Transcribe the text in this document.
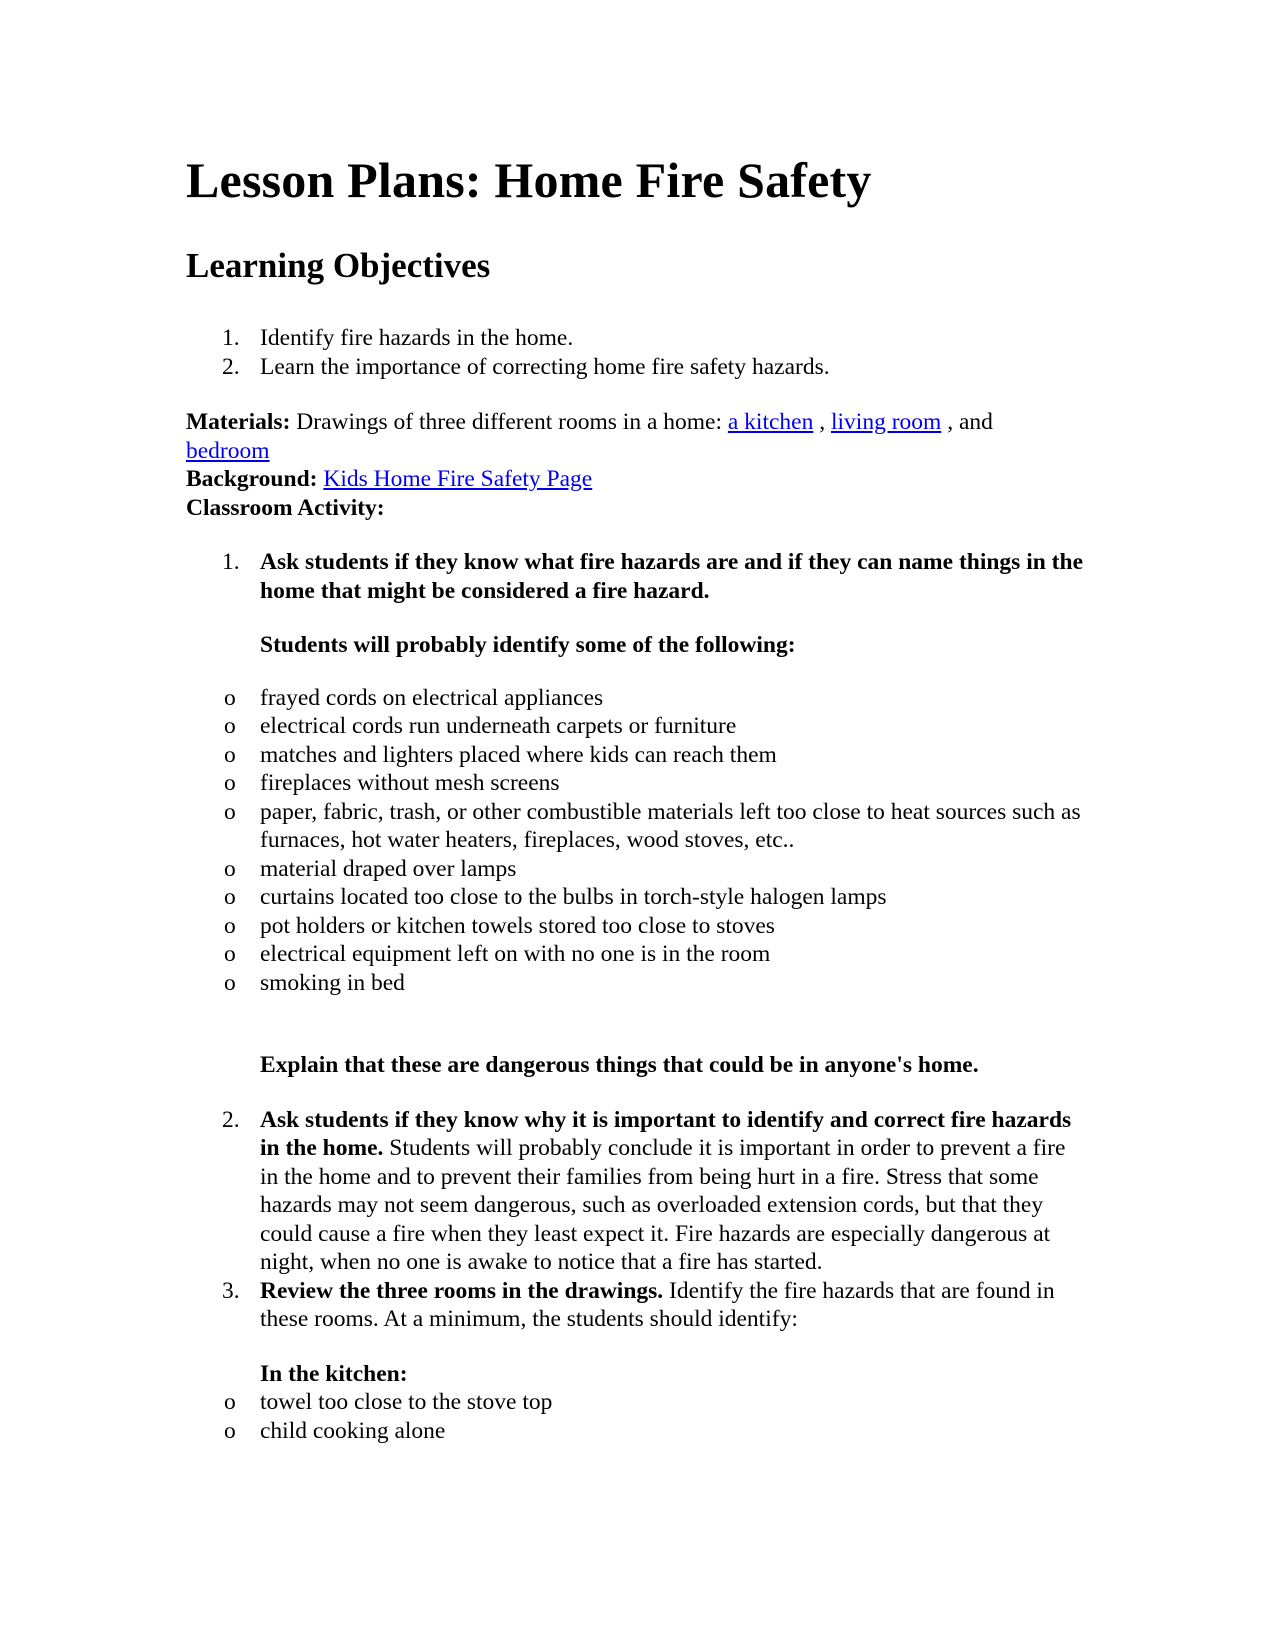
Lesson Plans: Home Fire Safety
Learning Objectives
1. Identify fire hazards in the home.
2. Learn the importance of correcting home fire safety hazards.
Materials: Drawings of three different rooms in a home: a kitchen , living room , and
bedroom
Background: Kids Home Fire Safety Page
Classroom Activity:
1. Ask students if they know what fire hazards are and if they can name things in the home that might be considered a fire hazard.
Students will probably identify some of the following:
o frayed cords on electrical appliances
o electrical cords run underneath carpets or furniture
o matches and lighters placed where kids can reach them
o fireplaces without mesh screens
o paper, fabric, trash, or other combustible materials left too close to heat sources such as furnaces, hot water heaters, fireplaces, wood stoves, etc..
o material draped over lamps
o curtains located too close to the bulbs in torch-style halogen lamps
o pot holders or kitchen towels stored too close to stoves
o electrical equipment left on with no one is in the room
o smoking in bed
Explain that these are dangerous things that could be in anyone's home.
2. Ask students if they know why it is important to identify and correct fire hazards in the home. Students will probably conclude it is important in order to prevent a fire in the home and to prevent their families from being hurt in a fire. Stress that some hazards may not seem dangerous, such as overloaded extension cords, but that they could cause a fire when they least expect it. Fire hazards are especially dangerous at night, when no one is awake to notice that a fire has started.
3. Review the three rooms in the drawings. Identify the fire hazards that are found in these rooms. At a minimum, the students should identify:
In the kitchen:
o towel too close to the stove top
o child cooking alone
